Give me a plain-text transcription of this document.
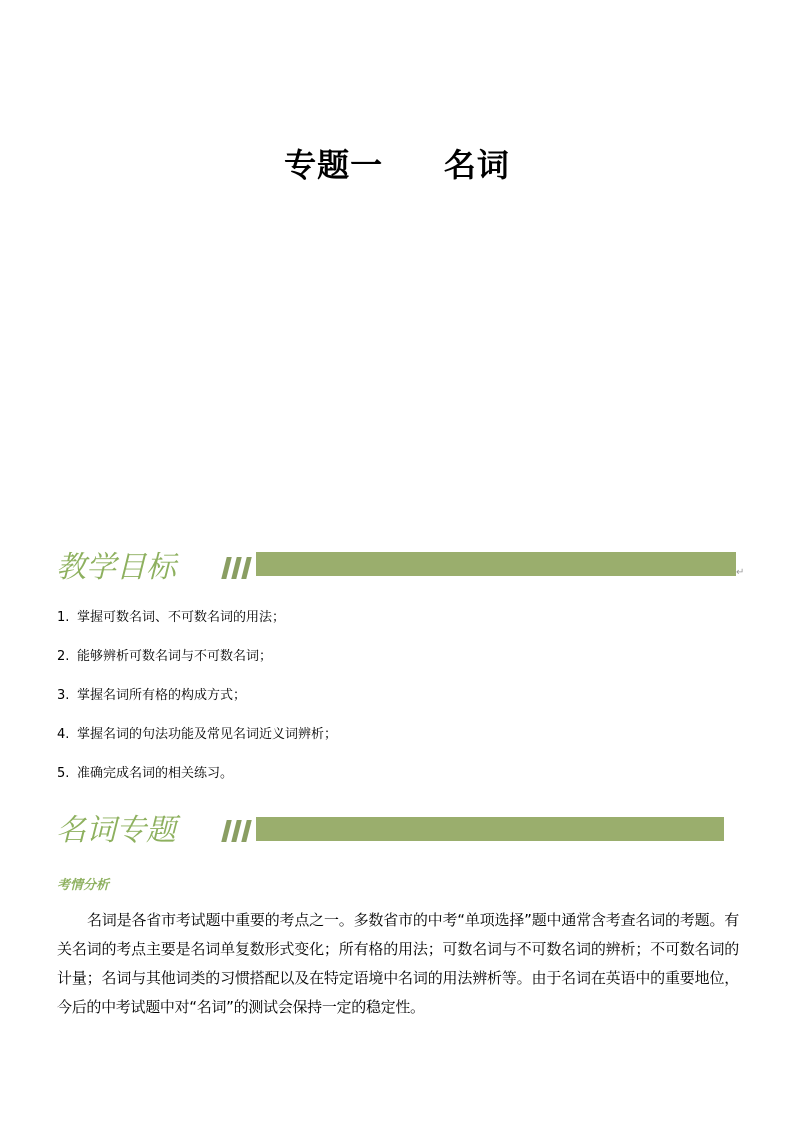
专题一     名词
教学目标	↵
1. 掌握可数名词、不可数名词的用法；
2. 能够辨析可数名词与不可数名词；
3. 掌握名词所有格的构成方式；
4. 掌握名词的句法功能及常见名词近义词辨析；
5. 准确完成名词的相关练习。
名词专题
考情分析
名词是各省市考试题中重要的考点之一。多数省市的中考“单项选择”题中通常含考查名词的考题。有关名词的考点主要是名词单复数形式变化；所有格的用法；可数名词与不可数名词的辨析；不可数名词的计量；名词与其他词类的习惯搭配以及在特定语境中名词的用法辨析等。由于名词在英语中的重要地位，今后的中考试题中对“名词”的测试会保持一定的稳定性。
